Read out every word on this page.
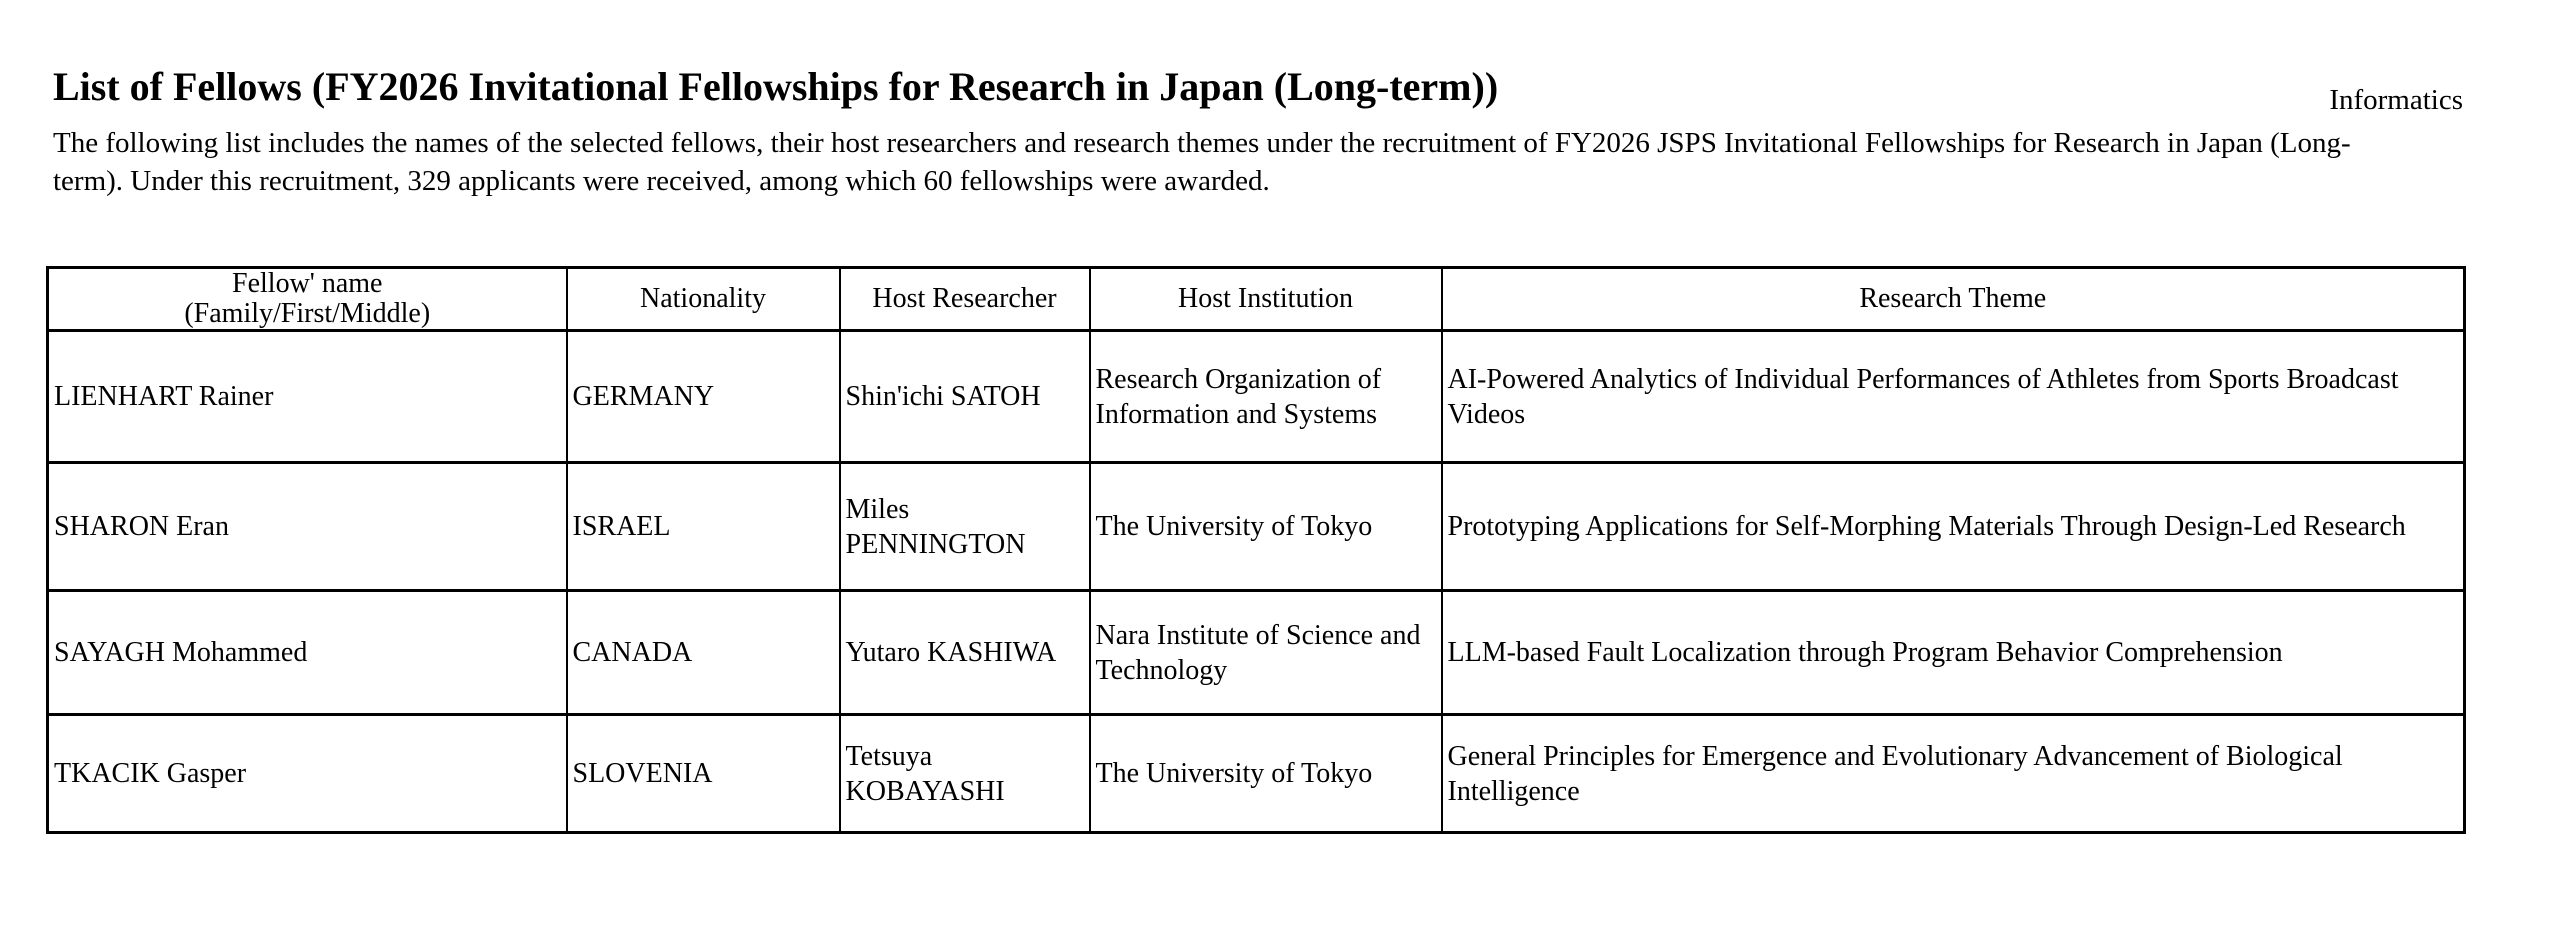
List of Fellows (FY2026 Invitational Fellowships for Research in Japan (Long-term))	Informatics
The following list includes the names of the selected fellows, their host researchers and research themes under the recruitment of FY2026 JSPS Invitational Fellowships for Research in Japan (Long-
term). Under this recruitment, 329 applicants were received, among which 60 fellowships were awarded.
Fellow' name
(Family/First/Middle)	Nationality	Host Researcher	Host Institution	Research Theme
LIENHART Rainer	GERMANY	Shin'ichi SATOH	Research Organization of Information and Systems	AI-Powered Analytics of Individual Performances of Athletes from Sports Broadcast Videos
SHARON Eran	ISRAEL	Miles PENNINGTON	The University of Tokyo	Prototyping Applications for Self-Morphing Materials Through Design-Led Research
SAYAGH Mohammed	CANADA	Yutaro KASHIWA	Nara Institute of Science and Technology	LLM-based Fault Localization through Program Behavior Comprehension
TKACIK Gasper	SLOVENIA	Tetsuya KOBAYASHI	The University of Tokyo	General Principles for Emergence and Evolutionary Advancement of Biological Intelligence
